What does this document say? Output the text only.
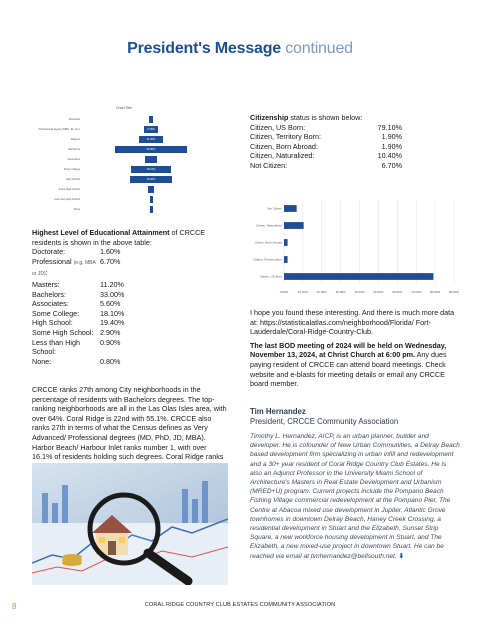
President's Message continued
Chart Title
Doctorate
Professional degree (MBA, JD, etc.)	6.70%
Masters	11.20%
Bachelors	33.00%
Associates
Some College	18.10%
High School	19.40%
Some High School
Less than High School
None
Highest Level of Educational Attainment of CRCCE residents is shown in the above table:
Doctorate:	1.60%
Professional (e.g. MBA or JD):	6.70%
Masters:	11.20%
Bachelors:	33.00%
Associates:	5.60%
Some College:	18.10%
High School:	19.40%
Some High School:	2.90%
Less than High School:	0.90%
None:	0.80%
CRCCE ranks 27th among City neighborhoods in the percentage of residents with Bachelors degrees. The top-ranking neighborhoods are all in the Las Olas Isles area, with over 64%. Coral Ridge is 22nd with 55.1%. CRCCE also ranks 27th in terms of what the Census defines as Very Advanced/ Professional degrees (MD, PhD, JD, MBA). Harbor Beach/ Harbour Inlet ranks number 1, with over 16.1% of residents holding such degrees. Coral Ridge ranks
Citizenship status is shown below:
Citizen, US Born:	79.10%
Citizen, Territory Born:	1.90%
Citizen, Born Abroad:	1.90%
Citizen, Naturalized:	10.40%
Not Citizen:	6.70%
0.00%	10.00%	20.00%	30.00%	40.00%	50.00%	60.00%	70.00%	80.00%	90.00%
Not Citizen
Citizen, Naturalized
Citizen, Born Abroad
Citizen, Territory Born
Citizen, US Born

I hope you found these interesting. And there is much more data at: https://statisticalatlas.com/neighborhood/Florida/ Fort-Lauderdale/Coral-Ridge-Country-Club.

The last BOD meeting of 2024 will be held on Wednesday, November 13, 2024, at Christ Church at 6:00 pm. Any dues paying resident of CRCCE can attend board meetings. Check website and e-blasts for meeting details or email any CRCCE board member.

Tim Hernandez
President, CRCCE Community Association
Timothy L. Hernandez, AICP, is an urban planner, builder and developer. He is cofounder of New Urban Communities, a Delray Beach based development firm specializing in urban infill and redevelopment and a 30+ year resident of Coral Ridge Country Club Estates. He is also an Adjunct Professor in the University Miami School of Architecture's Masters in Real Estate Development and Urbanism (MRED+U) program. Current projects include the Pompano Beach Fishing Village commercial redevelopment at the Pompano Pier, The Centre at Abacoa mixed use development in Jupiter, Atlantic Grove townhomes in downtown Delray Beach, Haney Creek Crossing, a residential development in Stuart and the Elizabeth, Sunset Strip Square, a new workforce housing development in Stuart, and The Elizabeth, a new mixed-use project in downtown Stuart. He can be reached via email at timhernandez@bellsouth.net. ⬇
8	CORAL RIDGE COUNTRY CLUB ESTATES COMMUNITY ASSOCIATION
